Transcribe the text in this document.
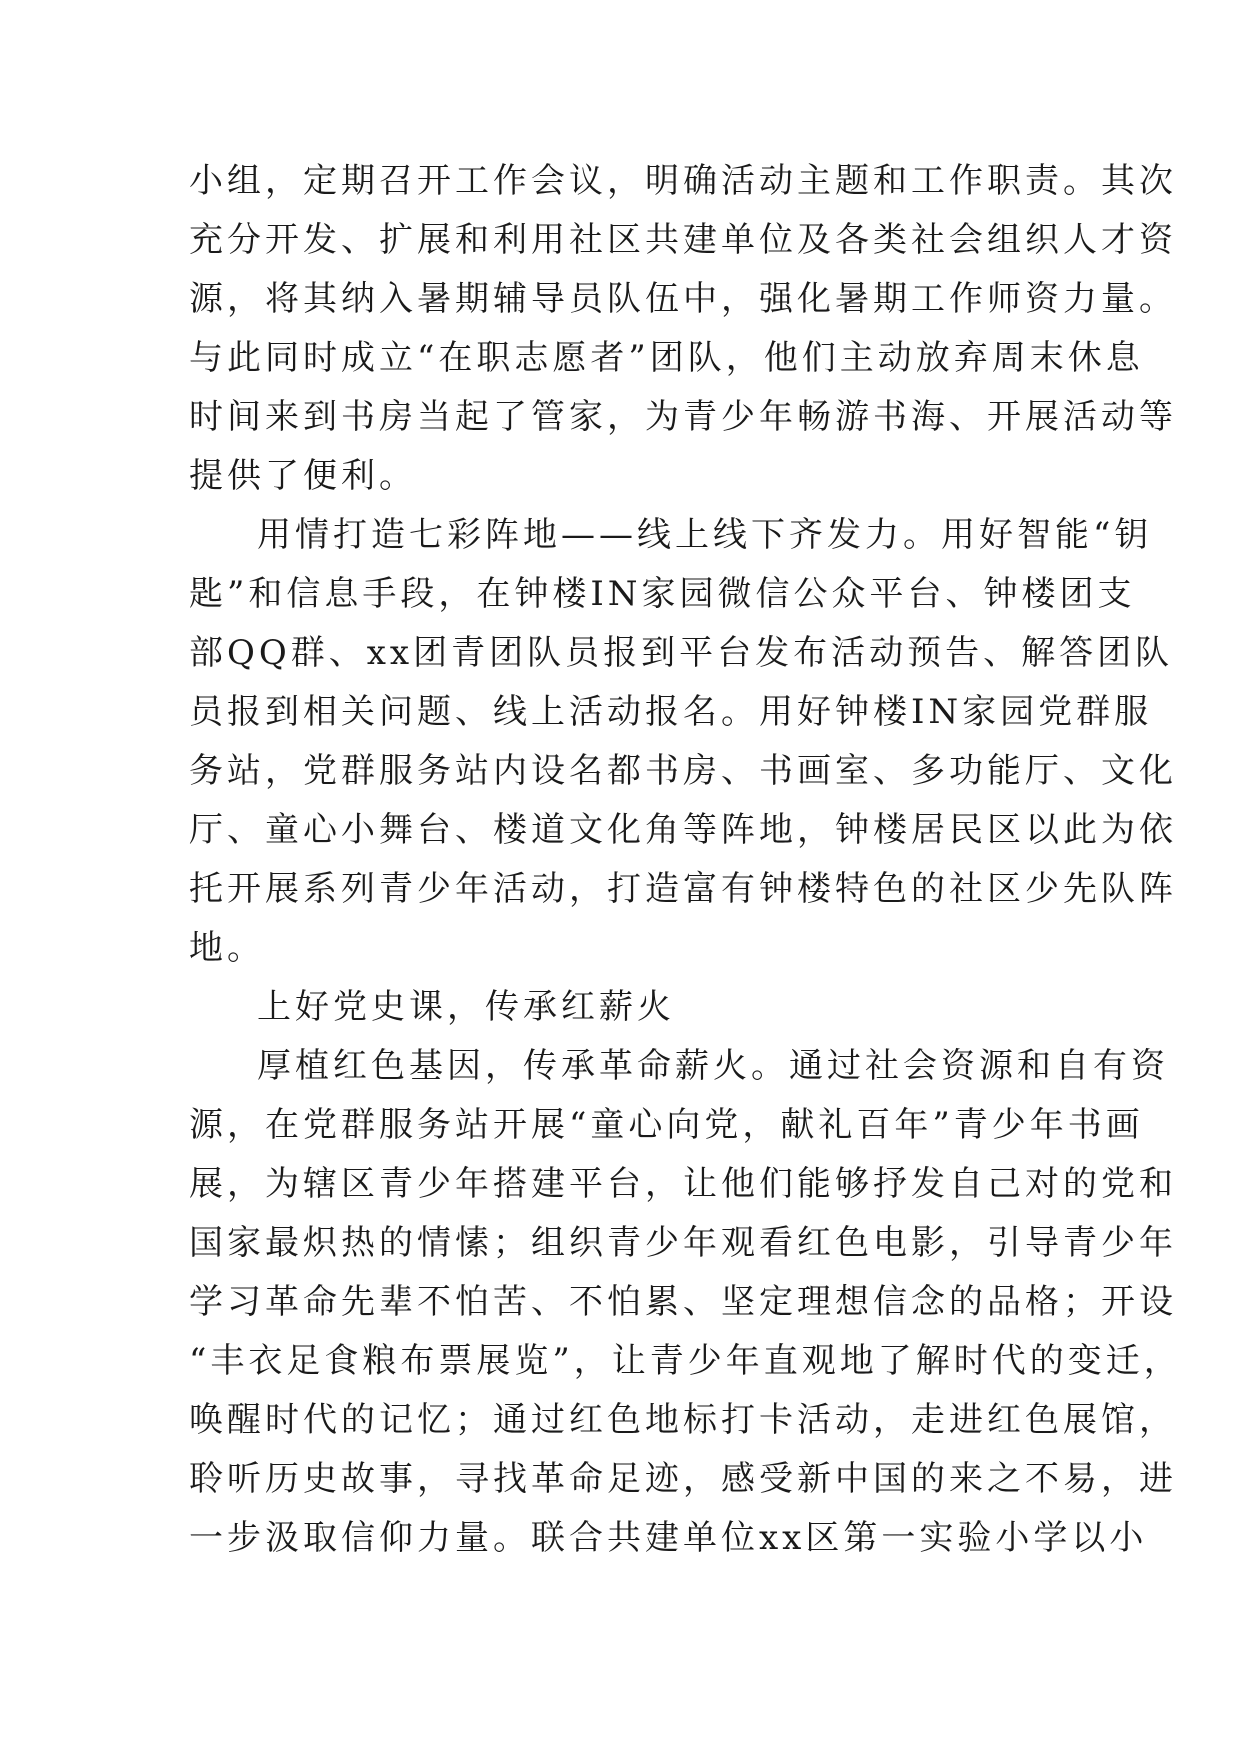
小组，定期召开工作会议，明确活动主题和工作职责。其次
充分开发、扩展和利用社区共建单位及各类社会组织人才资
源，将其纳入暑期辅导员队伍中，强化暑期工作师资力量。
与此同时成立“在职志愿者”团队，他们主动放弃周末休息
时间来到书房当起了管家，为青少年畅游书海、开展活动等
提供了便利。
用情打造七彩阵地——线上线下齐发力。用好智能“钥
匙”和信息手段，在钟楼IN家园微信公众平台、钟楼团支
部QQ群、xx团青团队员报到平台发布活动预告、解答团队
员报到相关问题、线上活动报名。用好钟楼IN家园党群服
务站，党群服务站内设名都书房、书画室、多功能厅、文化
厅、童心小舞台、楼道文化角等阵地，钟楼居民区以此为依
托开展系列青少年活动，打造富有钟楼特色的社区少先队阵
地。
上好党史课，传承红薪火
厚植红色基因，传承革命薪火。通过社会资源和自有资
源，在党群服务站开展“童心向党，献礼百年”青少年书画
展，为辖区青少年搭建平台，让他们能够抒发自己对的党和
国家最炽热的情愫；组织青少年观看红色电影，引导青少年
学习革命先辈不怕苦、不怕累、坚定理想信念的品格；开设
“丰衣足食粮布票展览”，让青少年直观地了解时代的变迁，
唤醒时代的记忆；通过红色地标打卡活动，走进红色展馆，
聆听历史故事，寻找革命足迹，感受新中国的来之不易，进
一步汲取信仰力量。联合共建单位xx区第一实验小学以小
